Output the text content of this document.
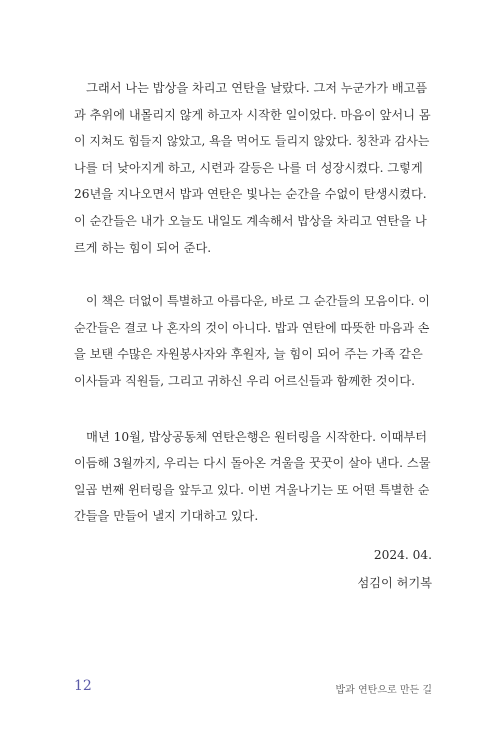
　그래서 나는 밥상을 차리고 연탄을 날랐다. 그저 누군가가 배고픔
과 추위에 내몰리지 않게 하고자 시작한 일이었다. 마음이 앞서니 몸
이 지쳐도 힘들지 않았고, 욕을 먹어도 들리지 않았다. 칭찬과 감사는
나를 더 낮아지게 하고, 시련과 갈등은 나를 더 성장시켰다. 그렇게
26년을 지나오면서 밥과 연탄은 빛나는 순간을 수없이 탄생시켰다.
이 순간들은 내가 오늘도 내일도 계속해서 밥상을 차리고 연탄을 나
르게 하는 힘이 되어 준다.

　이 책은 더없이 특별하고 아름다운, 바로 그 순간들의 모음이다. 이
순간들은 결코 나 혼자의 것이 아니다. 밥과 연탄에 따뜻한 마음과 손
을 보탠 수많은 자원봉사자와 후원자, 늘 힘이 되어 주는 가족 같은
이사들과 직원들, 그리고 귀하신 우리 어르신들과 함께한 것이다.

　매년 10월, 밥상공동체 연탄은행은 원터링을 시작한다. 이때부터
이듬해 3월까지, 우리는 다시 돌아온 겨울을 꿋꿋이 살아 낸다. 스물
일곱 번째 윈터링을 앞두고 있다. 이번 겨울나기는 또 어떤 특별한 순
간들을 만들어 낼지 기대하고 있다.

2024. 04.
섬김이 허기복
12	밥과 연탄으로 만든 길
